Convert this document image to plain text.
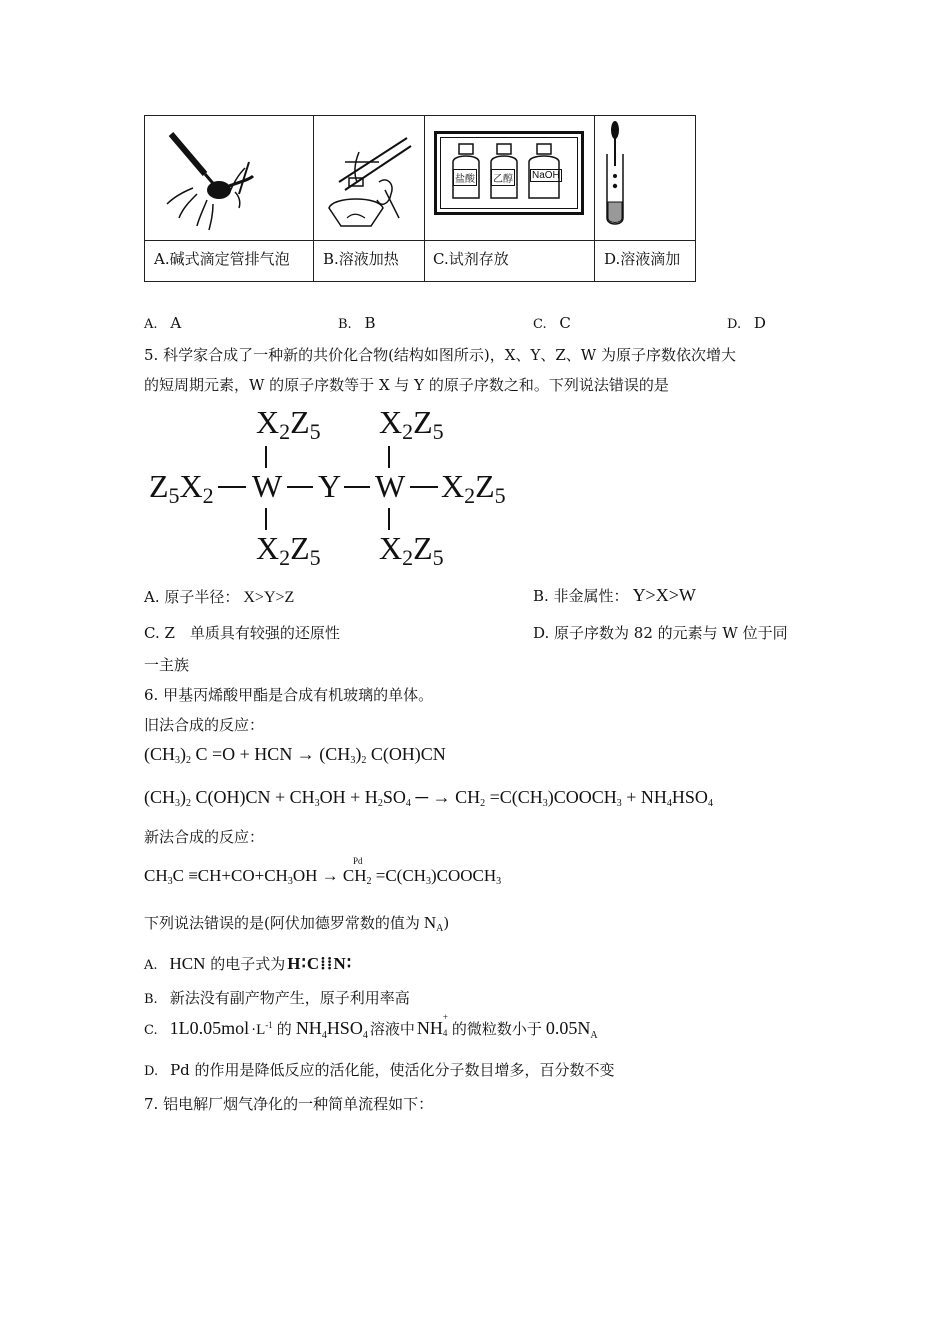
盐酸 乙醇 NaOH
A.碱式滴定管排气泡 B.溶液加热 C.试剂存放	D.溶液滴加
A. A	B. B	C. C	D. D
5. 科学家合成了一种新的共价化合物(结构如图所示)，X、Y、Z、W 为原子序数依次增大
的短周期元素，W 的原子序数等于 X 与 Y 的原子序数之和。下列说法错误的是
$X_2Z_5$ $X_2Z_5$
$Z_5X_2$ W Y W $X_2Z_5$
$X_2Z_5$ $X_2Z_5$
A. 原子半径： X>Y>Z	B. 非金属性： Y>X>W
C. Z　单质具有较强的还原性	D. 原子序数为 82 的元素与 W 位于同
一主族
6. 甲基丙烯酸甲酯是合成有机玻璃的单体。
旧法合成的反应：
$(CH_3)_2$ C =O + HCN → $(CH_3)_2$ C(OH)CN
$(CH_3)_2$ $C(OH)CN + CH_3OH + H_2SO_4$ ─ → $CH_2$ $=C(CH_3)COOCH_3 + NH_4HSO_4$
新法合成的反应：
Pd
$CH_3C \equiv CH+CO+CH_3OH \to CH_2$ $=C(CH_3)COOCH_3$
下列说法错误的是(阿伏加德罗常数的值为 $N_A$)
A. HCN 的电子式为 H∶C⁞⁞N∶
B. 新法没有副产物产生，原子利用率高
C. $1L0.05mol \cdot L^{-1}$ 的 $NH_4HSO_4$ 溶液中 NH
+
4 的微粒数小于 $0.05N_A$
D. Pd 的作用是降低反应的活化能，使活化分子数目增多，百分数不变
7. 铝电解厂烟气净化的一种简单流程如下：
